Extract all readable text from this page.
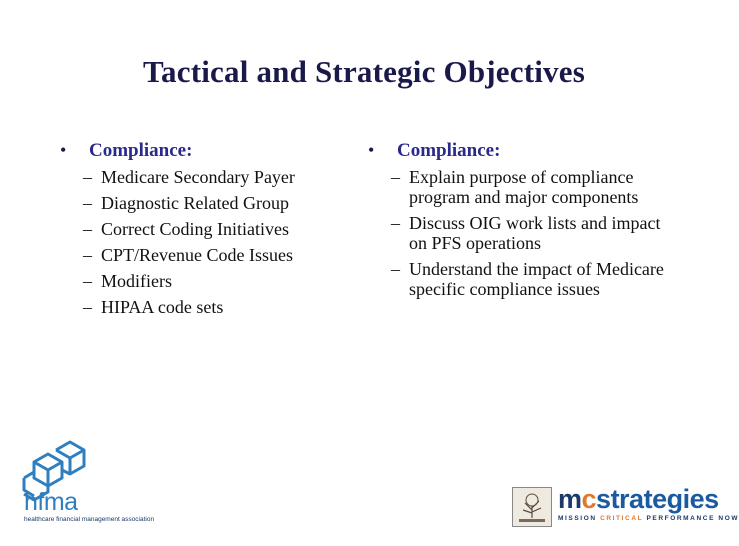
Tactical and Strategic Objectives
•	Compliance:
– Medicare Secondary Payer
– Diagnostic Related Group
– Correct Coding Initiatives
– CPT/Revenue Code Issues
– Modifiers
– HIPAA code sets
•	Compliance:
– Explain purpose of compliance program and major components
– Discuss OIG work lists and impact on PFS operations
– Understand the impact of Medicare specific compliance issues
hfma
healthcare financial management association
mcstrategies
MISSION CRITICAL PERFORMANCE NOW
